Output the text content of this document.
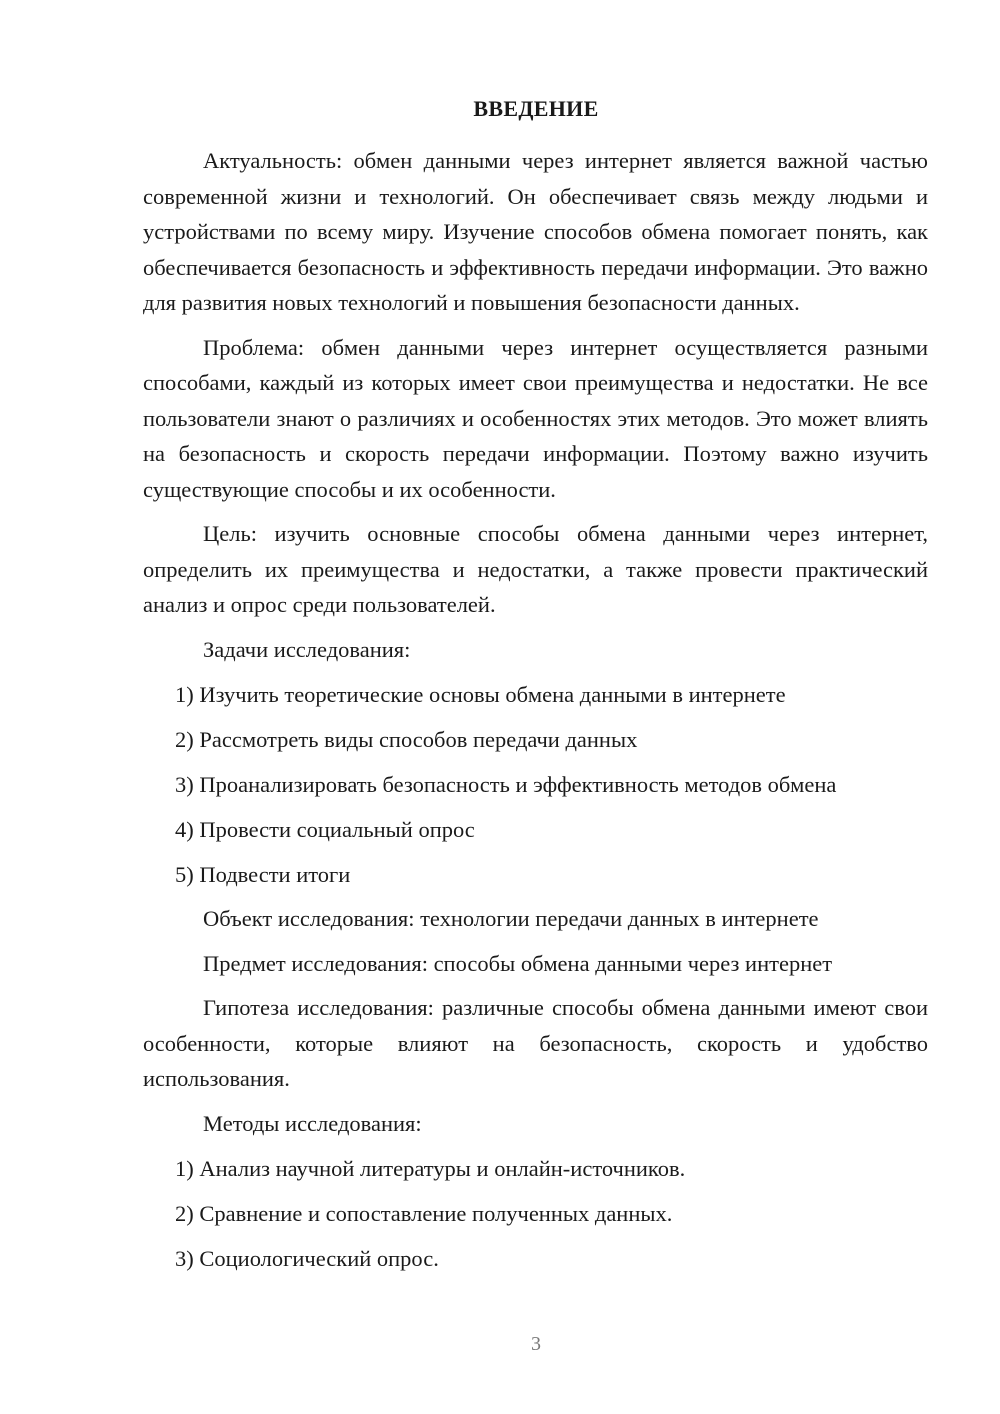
ВВЕДЕНИЕ

Актуальность: обмен данными через интернет является важной частью современной жизни и технологий. Он обеспечивает связь между людьми и устройствами по всему миру. Изучение способов обмена помогает понять, как обеспечивается безопасность и эффективность передачи информации. Это важно для развития новых технологий и повышения безопасности данных.

Проблема: обмен данными через интернет осуществляется разными способами, каждый из которых имеет свои преимущества и недостатки. Не все пользователи знают о различиях и особенностях этих методов. Это может влиять на безопасность и скорость передачи информации. Поэтому важно изучить существующие способы и их особенности.

Цель: изучить основные способы обмена данными через интернет, определить их преимущества и недостатки, а также провести практический анализ и опрос среди пользователей.

Задачи исследования:

1) Изучить теоретические основы обмена данными в интернете

2) Рассмотреть виды способов передачи данных

3) Проанализировать безопасность и эффективность методов обмена

4) Провести социальный опрос

5) Подвести итоги

Объект исследования: технологии передачи данных в интернете

Предмет исследования: способы обмена данными через интернет

Гипотеза исследования: различные способы обмена данными имеют свои особенности, которые влияют на безопасность, скорость и удобство использования.

Методы исследования:

1) Анализ научной литературы и онлайн-источников.

2) Сравнение и сопоставление полученных данных.

3) Социологический опрос.

3
